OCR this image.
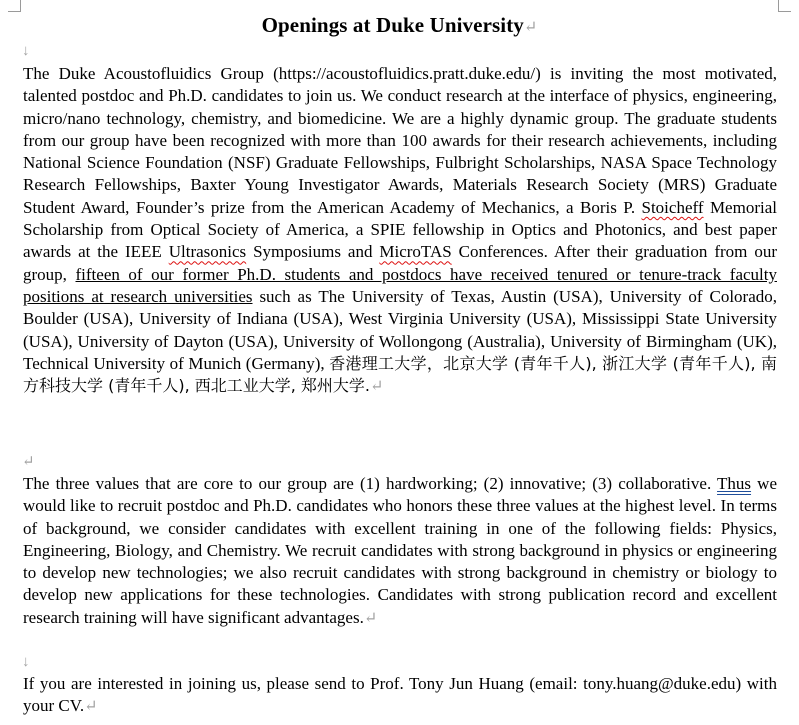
Openings at Duke University↵
↓
The Duke Acoustofluidics Group (https://acoustofluidics.pratt.duke.edu/) is inviting the most motivated, talented postdoc and Ph.D. candidates to join us. We conduct research at the interface of physics, engineering, micro/nano technology, chemistry, and biomedicine. We are a highly dynamic group. The graduate students from our group have been recognized with more than 100 awards for their research achievements, including National Science Foundation (NSF) Graduate Fellowships, Fulbright Scholarships, NASA Space Technology Research Fellowships, Baxter Young Investigator Awards, Materials Research Society (MRS) Graduate Student Award, Founder’s prize from the American Academy of Mechanics, a Boris P. Stoicheff Memorial Scholarship from Optical Society of America, a SPIE fellowship in Optics and Photonics, and best paper awards at the IEEE Ultrasonics Symposiums and MicroTAS Conferences. After their graduation from our group, fifteen of our former Ph.D. students and postdocs have received tenured or tenure-track faculty positions at research universities such as The University of Texas, Austin (USA), University of Colorado, Boulder (USA), University of Indiana (USA), West Virginia University (USA), Mississippi State University (USA), University of Dayton (USA), University of Wollongong (Australia), University of Birmingham (UK), Technical University of Munich (Germany), 香港理工大学，北京大学 (青年千人), 浙江大学 (青年千人), 南方科技大学 (青年千人), 西北工业大学, 郑州大学.↵
↵
The three values that are core to our group are (1) hardworking; (2) innovative; (3) collaborative. Thus we would like to recruit postdoc and Ph.D. candidates who honors these three values at the highest level. In terms of background, we consider candidates with excellent training in one of the following fields: Physics, Engineering, Biology, and Chemistry. We recruit candidates with strong background in physics or engineering to develop new technologies; we also recruit candidates with strong background in chemistry or biology to develop new applications for these technologies. Candidates with strong publication record and excellent research training will have significant advantages.↵
↓
If you are interested in joining us, please send to Prof. Tony Jun Huang (email: tony.huang@duke.edu) with your CV.↵
